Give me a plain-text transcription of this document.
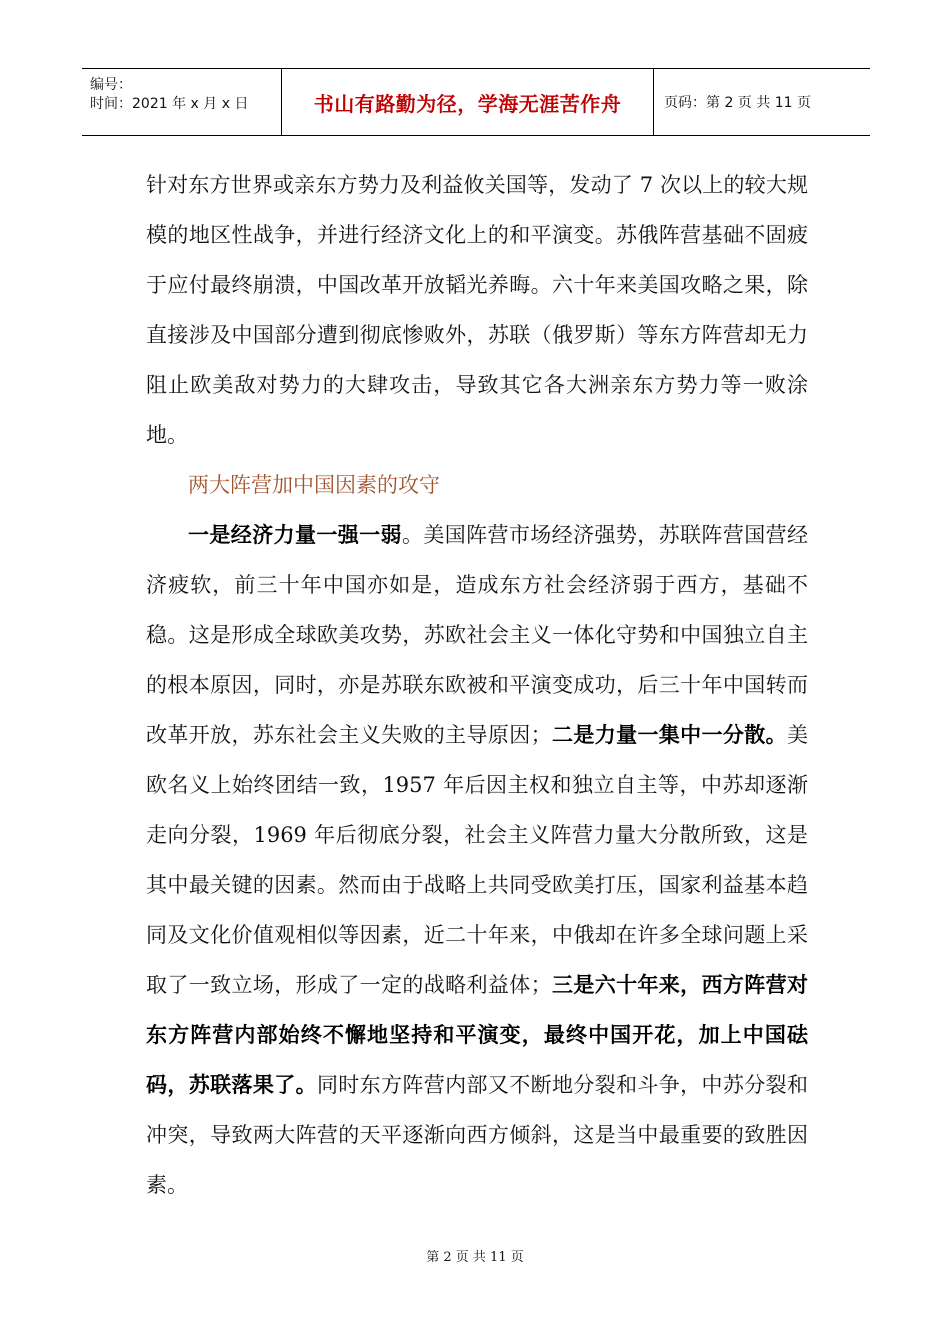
编号：
时间：2021 年 x 月 x 日	书山有路勤为径，学海无涯苦作舟	页码：第 2 页 共 11 页

针对东方世界或亲东方势力及利益攸关国等，发动了 7 次以上的较大规模的地区性战争，并进行经济文化上的和平演变。苏俄阵营基础不固疲于应付最终崩溃，中国改革开放韬光养晦。六十年来美国攻略之果，除直接涉及中国部分遭到彻底惨败外，苏联（俄罗斯）等东方阵营却无力阻止欧美敌对势力的大肆攻击，导致其它各大洲亲东方势力等一败涂地。

两大阵营加中国因素的攻守

一是经济力量一强一弱。美国阵营市场经济强势，苏联阵营国营经济疲软，前三十年中国亦如是，造成东方社会经济弱于西方，基础不稳。这是形成全球欧美攻势，苏欧社会主义一体化守势和中国独立自主的根本原因，同时，亦是苏联东欧被和平演变成功，后三十年中国转而改革开放，苏东社会主义失败的主导原因；二是力量一集中一分散。美欧名义上始终团结一致，1957 年后因主权和独立自主等，中苏却逐渐走向分裂，1969 年后彻底分裂，社会主义阵营力量大分散所致，这是其中最关键的因素。然而由于战略上共同受欧美打压，国家利益基本趋同及文化价值观相似等因素，近二十年来，中俄却在许多全球问题上采取了一致立场，形成了一定的战略利益体；三是六十年来，西方阵营对东方阵营内部始终不懈地坚持和平演变，最终中国开花，加上中国砝码，苏联落果了。同时东方阵营内部又不断地分裂和斗争，中苏分裂和冲突，导致两大阵营的天平逐渐向西方倾斜，这是当中最重要的致胜因素。

第 2 页 共 11 页
